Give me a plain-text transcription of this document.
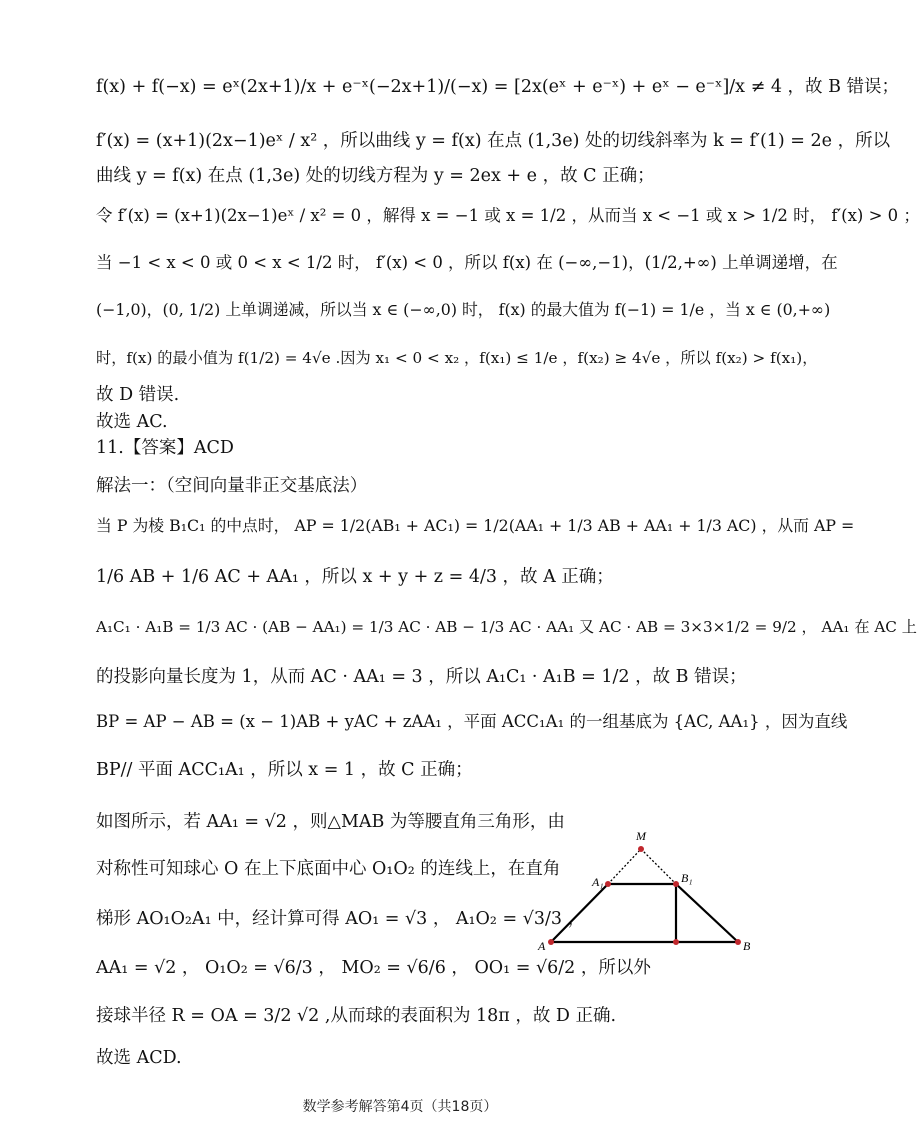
f(x) + f(−x) = eˣ(2x+1)/x + e⁻ˣ(−2x+1)/(−x) = [2x(eˣ + e⁻ˣ) + eˣ − e⁻ˣ]/x ≠ 4 ，故 B 错误；
f′(x) = (x+1)(2x−1)eˣ / x² ，所以曲线 y = f(x) 在点 (1,3e) 处的切线斜率为 k = f′(1) = 2e ，所以
曲线 y = f(x) 在点 (1,3e) 处的切线方程为 y = 2ex + e ，故 C 正确；
令 f′(x) = (x+1)(2x−1)eˣ / x² = 0 ，解得 x = −1 或 x = 1/2 ，从而当 x < −1 或 x > 1/2 时， f′(x) > 0 ；
当 −1 < x < 0 或 0 < x < 1/2 时， f′(x) < 0 ，所以 f(x) 在 (−∞,−1)，(1/2,+∞) 上单调递增，在
(−1,0)，(0, 1/2) 上单调递减，所以当 x ∈ (−∞,0) 时， f(x) 的最大值为 f(−1) = 1/e ，当 x ∈ (0,+∞)
时，f(x) 的最小值为 f(1/2) = 4√e .因为 x₁ < 0 < x₂ ，f(x₁) ≤ 1/e ，f(x₂) ≥ 4√e ，所以 f(x₂) > f(x₁)，
故 D 错误.
故选 AC.
11.【答案】ACD
解法一：（空间向量非正交基底法）
当 P 为棱 B₁C₁ 的中点时， AP = 1/2(AB₁ + AC₁) = 1/2(AA₁ + 1/3 AB + AA₁ + 1/3 AC) ，从而 AP =
1/6 AB + 1/6 AC + AA₁ ，所以 x + y + z = 4/3 ，故 A 正确；
A₁C₁ · A₁B = 1/3 AC · (AB − AA₁) = 1/3 AC · AB − 1/3 AC · AA₁ 又 AC · AB = 3×3×1/2 = 9/2 ， AA₁ 在 AC 上
的投影向量长度为 1，从而 AC · AA₁ = 3 ，所以 A₁C₁ · A₁B = 1/2 ，故 B 错误；
BP = AP − AB = (x − 1)AB + yAC + zAA₁ ，平面 ACC₁A₁ 的一组基底为 {AC, AA₁} ，因为直线
BP// 平面 ACC₁A₁ ，所以 x = 1 ，故 C 正确；
如图所示，若 AA₁ = √2 ，则△MAB 为等腰直角三角形，由
对称性可知球心 O 在上下底面中心 O₁O₂ 的连线上，在直角
梯形 AO₁O₂A₁ 中，经计算可得 AO₁ = √3 ， A₁O₂ = √3/3 ，
AA₁ = √2 ， O₁O₂ = √6/3 ， MO₂ = √6/6 ， OO₁ = √6/2 ，所以外
接球半径 R = OA = 3/2 √2 ,从而球的表面积为 18π ，故 D 正确.
故选 ACD.
M
A₁	B₁
A	B
数学参考解答第4页（共18页）
